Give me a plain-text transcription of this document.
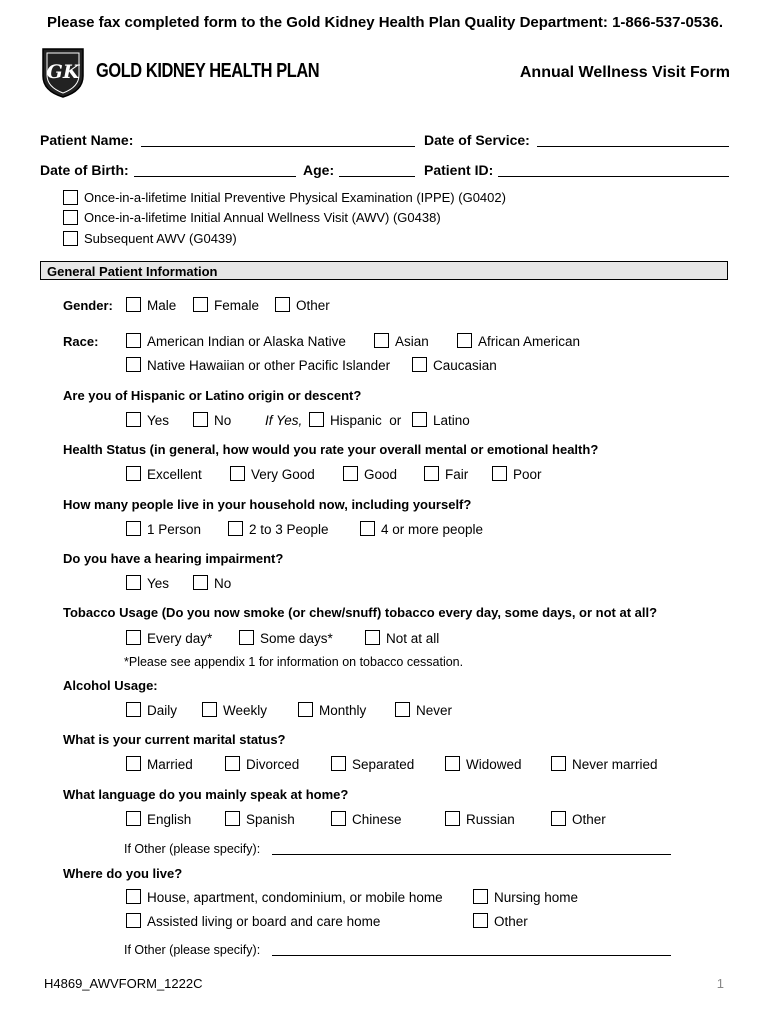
Please fax completed form to the Gold Kidney Health Plan Quality Department: 1-866-537-0536.
GK GOLD KIDNEY HEALTH PLAN	Annual Wellness Visit Form
Patient Name:	Date of Service:
Date of Birth:	Age:	Patient ID:
Once-in-a-lifetime Initial Preventive Physical Examination (IPPE) (G0402)
Once-in-a-lifetime Initial Annual Wellness Visit (AWV) (G0438)
Subsequent AWV (G0439)
General Patient Information
Gender:	Male	Female	Other
Race:	American Indian or Alaska Native	Asian	African American
Native Hawaiian or other Pacific Islander	Caucasian
Are you of Hispanic or Latino origin or descent?
Yes	No If Yes, Hispanic  or Latino
Health Status (in general, how would you rate your overall mental or emotional health?
Excellent	Very Good	Good	Fair	Poor
How many people live in your household now, including yourself?
1 Person	2 to 3 People	4 or more people
Do you have a hearing impairment?
Yes	No
Tobacco Usage (Do you now smoke (or chew/snuff) tobacco every day, some days, or not at all?
Every day*	Some days*	Not at all
*Please see appendix 1 for information on tobacco cessation.
Alcohol Usage:
Daily	Weekly	Monthly	Never
What is your current marital status?
Married	Divorced	Separated	Widowed	Never married
What language do you mainly speak at home?
English	Spanish	Chinese	Russian	Other
If Other (please specify):
Where do you live?
House, apartment, condominium, or mobile home	Nursing home
Assisted living or board and care home	Other
If Other (please specify):
H4869_AWVFORM_1222C	1
